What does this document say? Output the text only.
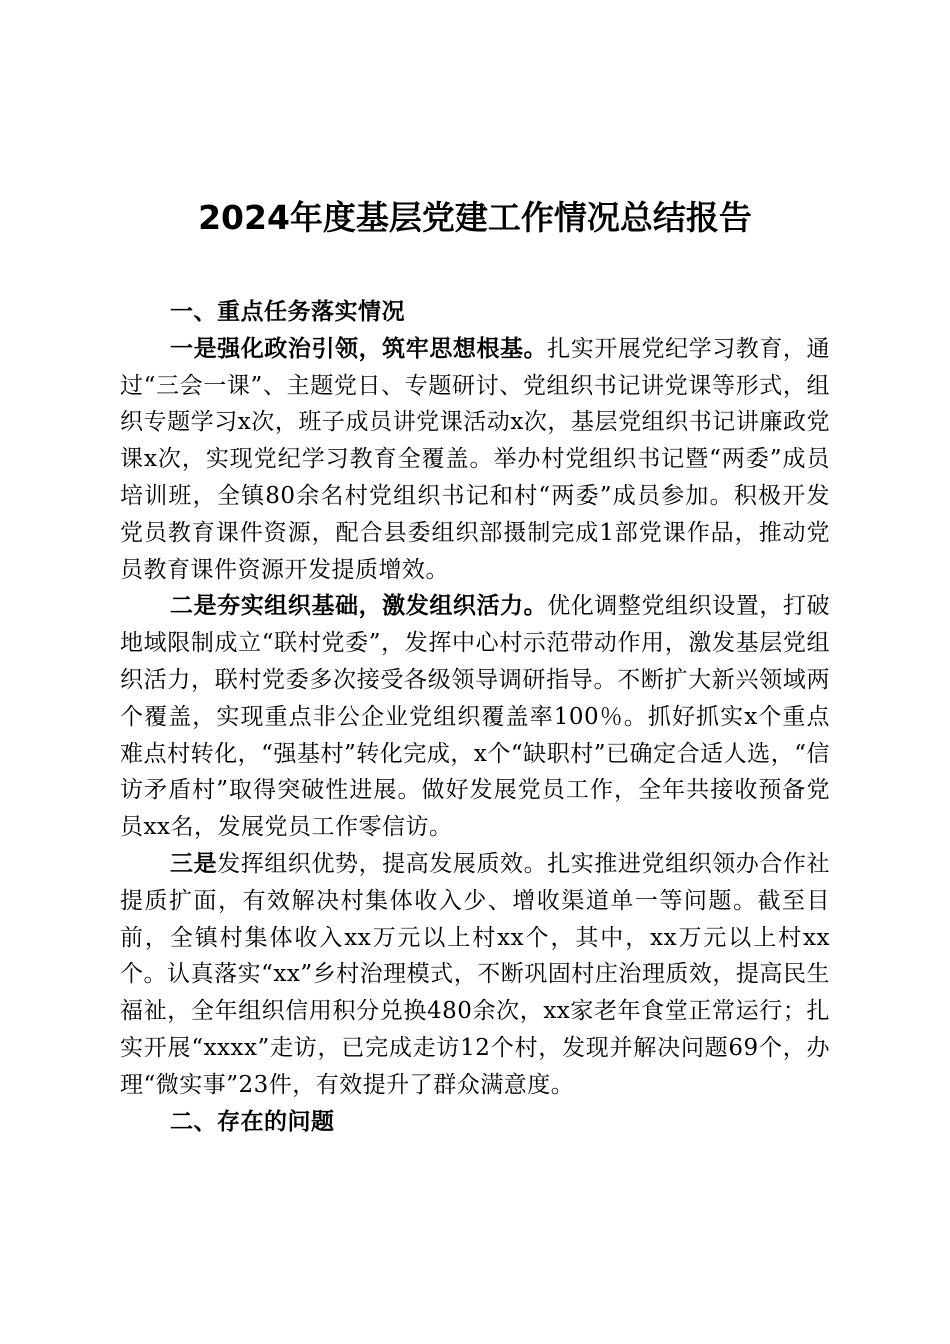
2024年度基层党建工作情况总结报告

一、重点任务落实情况

一是强化政治引领，筑牢思想根基。扎实开展党纪学习教育，通过“三会一课”、主题党日、专题研讨、党组织书记讲党课等形式，组织专题学习x次，班子成员讲党课活动x次，基层党组织书记讲廉政党课x次，实现党纪学习教育全覆盖。举办村党组织书记暨“两委”成员培训班，全镇80余名村党组织书记和村“两委”成员参加。积极开发党员教育课件资源，配合县委组织部摄制完成1部党课作品，推动党员教育课件资源开发提质增效。

二是夯实组织基础，激发组织活力。优化调整党组织设置，打破地域限制成立“联村党委”，发挥中心村示范带动作用，激发基层党组织活力，联村党委多次接受各级领导调研指导。不断扩大新兴领域两个覆盖，实现重点非公企业党组织覆盖率100％。抓好抓实x个重点难点村转化，“强基村”转化完成，x个“缺职村”已确定合适人选，“信访矛盾村”取得突破性进展。做好发展党员工作，全年共接收预备党员xx名，发展党员工作零信访。

三是发挥组织优势，提高发展质效。扎实推进党组织领办合作社提质扩面，有效解决村集体收入少、增收渠道单一等问题。截至目前，全镇村集体收入xx万元以上村xx个，其中，xx万元以上村xx个。认真落实“xx”乡村治理模式，不断巩固村庄治理质效，提高民生福祉，全年组织信用积分兑换480余次，xx家老年食堂正常运行；扎实开展“xxxx”走访，已完成走访12个村，发现并解决问题69个，办理“微实事”23件，有效提升了群众满意度。

二、存在的问题
